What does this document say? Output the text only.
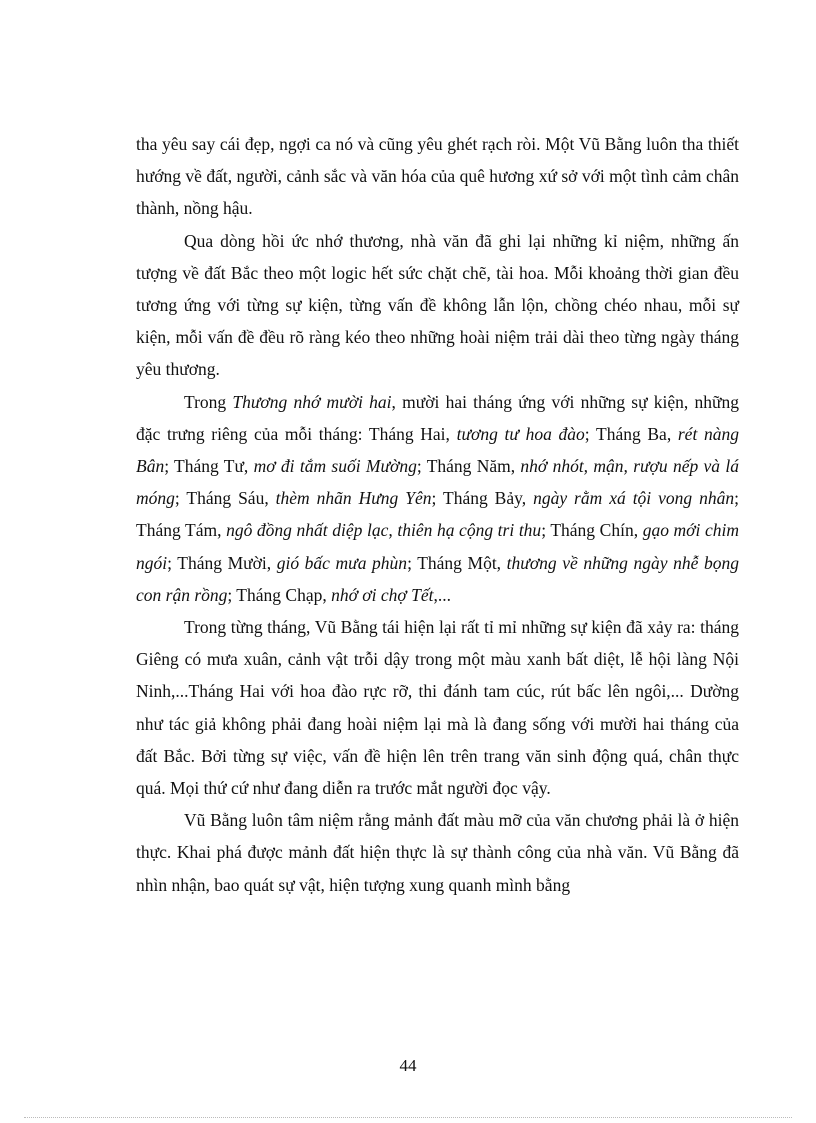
tha yêu say cái đẹp, ngợi ca nó và cũng yêu ghét rạch ròi. Một Vũ Bằng luôn tha thiết hướng về đất, người, cảnh sắc và văn hóa của quê hương xứ sở với một tình cảm chân thành, nồng hậu.

Qua dòng hồi ức nhớ thương, nhà văn đã ghi lại những kỉ niệm, những ấn tượng về đất Bắc theo một logic hết sức chặt chẽ, tài hoa. Mỗi khoảng thời gian đều tương ứng với từng sự kiện, từng vấn đề không lẫn lộn, chồng chéo nhau, mỗi sự kiện, mỗi vấn đề đều rõ ràng kéo theo những hoài niệm trải dài theo từng ngày tháng yêu thương.

Trong Thương nhớ mười hai, mười hai tháng ứng với những sự kiện, những đặc trưng riêng của mỗi tháng: Tháng Hai, tương tư hoa đào; Tháng Ba, rét nàng Bân; Tháng Tư, mơ đi tắm suối Mường; Tháng Năm, nhớ nhót, mận, rượu nếp và lá móng; Tháng Sáu, thèm nhãn Hưng Yên; Tháng Bảy, ngày rằm xá tội vong nhân; Tháng Tám, ngô đồng nhất diệp lạc, thiên hạ cộng tri thu; Tháng Chín, gạo mới chim ngói; Tháng Mười, gió bấc mưa phùn; Tháng Một, thương về những ngày nhễ bọng con rận rồng; Tháng Chạp, nhớ ơi chợ Tết,...

Trong từng tháng, Vũ Bằng tái hiện lại rất tỉ mỉ những sự kiện đã xảy ra: tháng Giêng có mưa xuân, cảnh vật trỗi dậy trong một màu xanh bất diệt, lễ hội làng Nội Ninh,...Tháng Hai với hoa đào rực rỡ, thi đánh tam cúc, rút bấc lên ngôi,... Dường như tác giả không phải đang hoài niệm lại mà là đang sống với mười hai tháng của đất Bắc. Bởi từng sự việc, vấn đề hiện lên trên trang văn sinh động quá, chân thực quá. Mọi thứ cứ như đang diễn ra trước mắt người đọc vậy.

Vũ Bằng luôn tâm niệm rằng mảnh đất màu mỡ của văn chương phải là ở hiện thực. Khai phá được mảnh đất hiện thực là sự thành công của nhà văn. Vũ Bằng đã nhìn nhận, bao quát sự vật, hiện tượng xung quanh mình bằng

44
